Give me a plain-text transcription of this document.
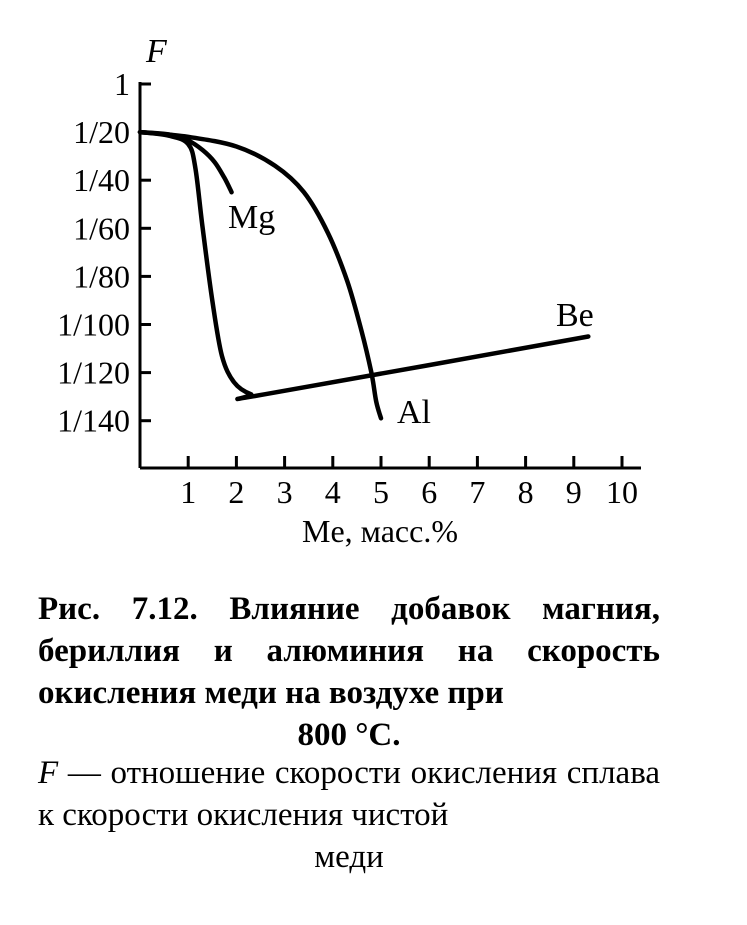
F
1
1/20
1/40
1/60
1/80
1/100
1/120
1/140
1 2 3 4 5 6 7 8 9 10
Me, масс.%
Mg
Al
Be
Рис. 7.12. Влияние добавок магния, бериллия и алюминия на скорость окисления меди на воздухе при
800 °C.
F — отношение скорости окисления сплава к скорости окисления чистой
меди
